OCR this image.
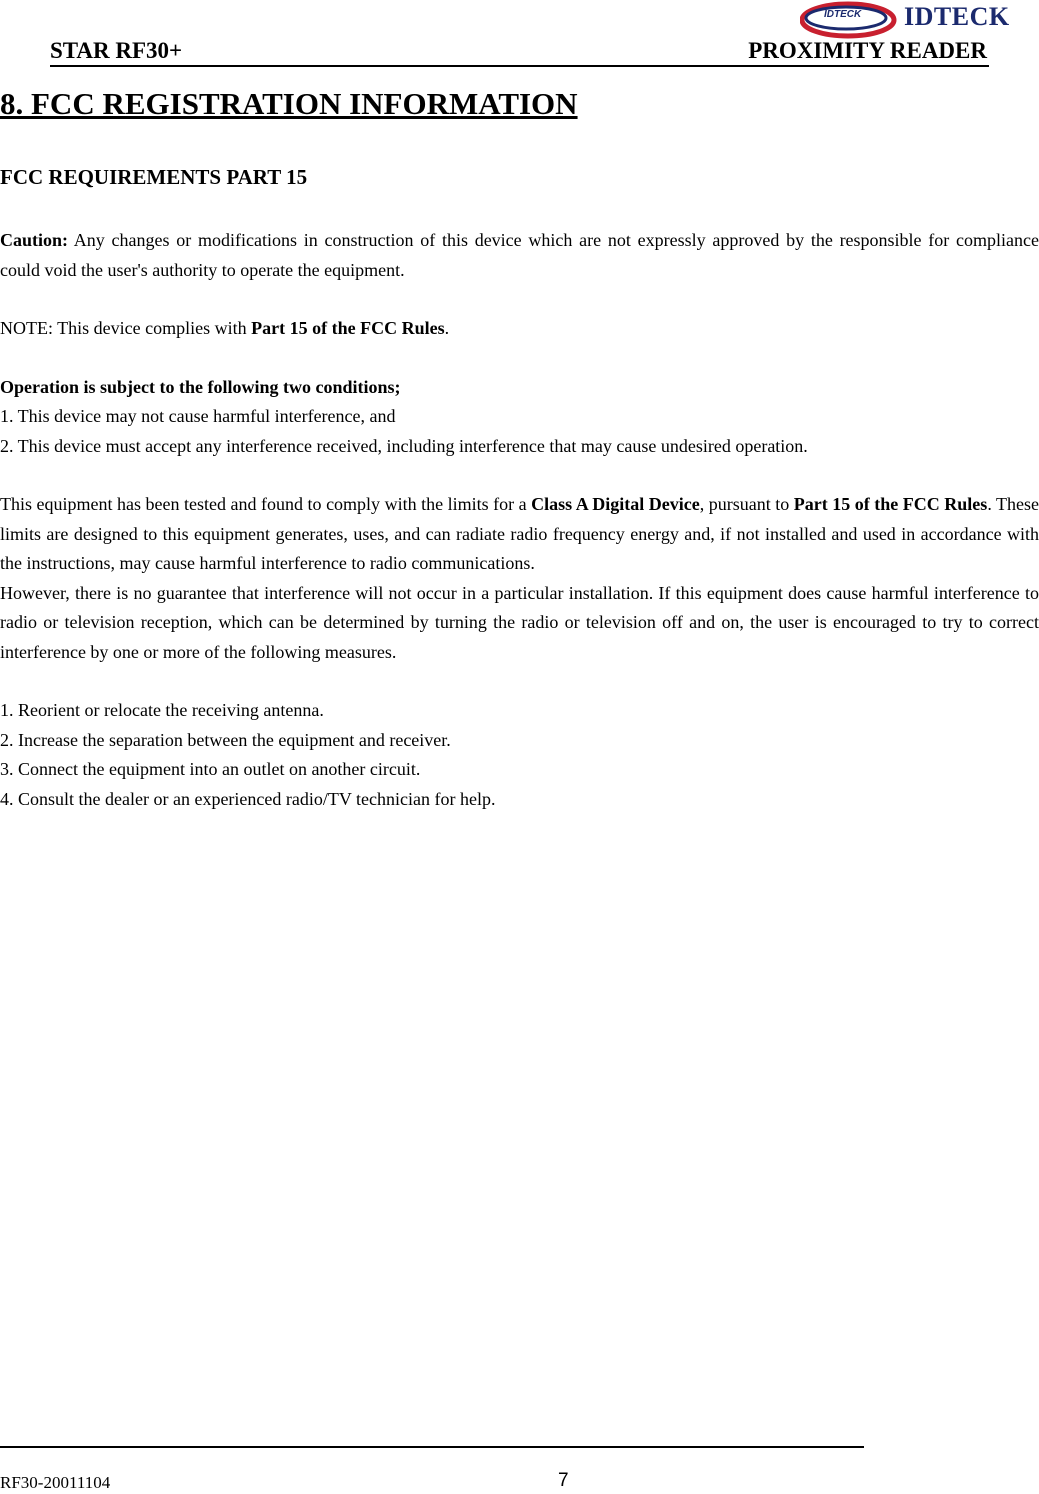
STAR RF30+	PROXIMITY READER
IDTECK IDTECK
8. FCC REGISTRATION INFORMATION
FCC REQUIREMENTS PART 15

Caution: Any changes or modifications in construction of this device which are not expressly approved by the responsible for compliance could void the user's authority to operate the equipment.

NOTE: This device complies with Part 15 of the FCC Rules.

Operation is subject to the following two conditions;

1. This device may not cause harmful interference, and

2. This device must accept any interference received, including interference that may cause undesired operation.

This equipment has been tested and found to comply with the limits for a Class A Digital Device, pursuant to Part 15 of the FCC Rules. These limits are designed to this equipment generates, uses, and can radiate radio frequency energy and, if not installed and used in accordance with the instructions, may cause harmful interference to radio communications.

However, there is no guarantee that interference will not occur in a particular installation. If this equipment does cause harmful interference to radio or television reception, which can be determined by turning the radio or television off and on, the user is encouraged to try to correct interference by one or more of the following measures.

1. Reorient or relocate the receiving antenna.

2. Increase the separation between the equipment and receiver.

3. Connect the equipment into an outlet on another circuit.

4. Consult the dealer or an experienced radio/TV technician for help.

RF30-20011104	7
